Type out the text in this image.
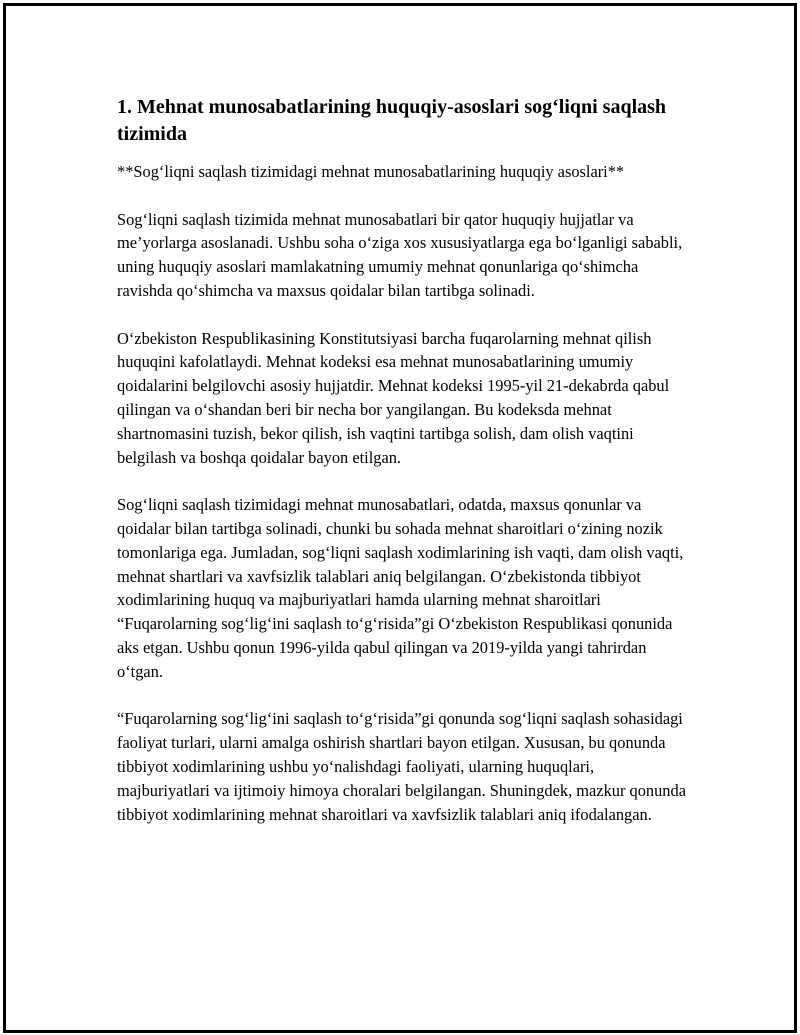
1. Mehnat munosabatlarining huquqiy-asoslari sog‘liqni saqlash tizimida

**Sog‘liqni saqlash tizimidagi mehnat munosabatlarining huquqiy asoslari**

Sog‘liqni saqlash tizimida mehnat munosabatlari bir qator huquqiy hujjatlar va me’yorlarga asoslanadi. Ushbu soha o‘ziga xos xususiyatlarga ega bo‘lganligi sababli, uning huquqiy asoslari mamlakatning umumiy mehnat qonunlariga qo‘shimcha ravishda qo‘shimcha va maxsus qoidalar bilan tartibga solinadi.

O‘zbekiston Respublikasining Konstitutsiyasi barcha fuqarolarning mehnat qilish huquqini kafolatlaydi. Mehnat kodeksi esa mehnat munosabatlarining umumiy qoidalarini belgilovchi asosiy hujjatdir. Mehnat kodeksi 1995-yil 21-dekabrda qabul qilingan va o‘shandan beri bir necha bor yangilangan. Bu kodeksda mehnat shartnomasini tuzish, bekor qilish, ish vaqtini tartibga solish, dam olish vaqtini belgilash va boshqa qoidalar bayon etilgan.

Sog‘liqni saqlash tizimidagi mehnat munosabatlari, odatda, maxsus qonunlar va qoidalar bilan tartibga solinadi, chunki bu sohada mehnat sharoitlari o‘zining nozik tomonlariga ega. Jumladan, sog‘liqni saqlash xodimlarining ish vaqti, dam olish vaqti, mehnat shartlari va xavfsizlik talablari aniq belgilangan. O‘zbekistonda tibbiyot xodimlarining huquq va majburiyatlari hamda ularning mehnat sharoitlari “Fuqarolarning sog‘lig‘ini saqlash to‘g‘risida”gi O‘zbekiston Respublikasi qonunida aks etgan. Ushbu qonun 1996-yilda qabul qilingan va 2019-yilda yangi tahrirdan o‘tgan.

“Fuqarolarning sog‘lig‘ini saqlash to‘g‘risida”gi qonunda sog‘liqni saqlash sohasidagi faoliyat turlari, ularni amalga oshirish shartlari bayon etilgan. Xususan, bu qonunda tibbiyot xodimlarining ushbu yo‘nalishdagi faoliyati, ularning huquqlari, majburiyatlari va ijtimoiy himoya choralari belgilangan. Shuningdek, mazkur qonunda tibbiyot xodimlarining mehnat sharoitlari va xavfsizlik talablari aniq ifodalangan.
